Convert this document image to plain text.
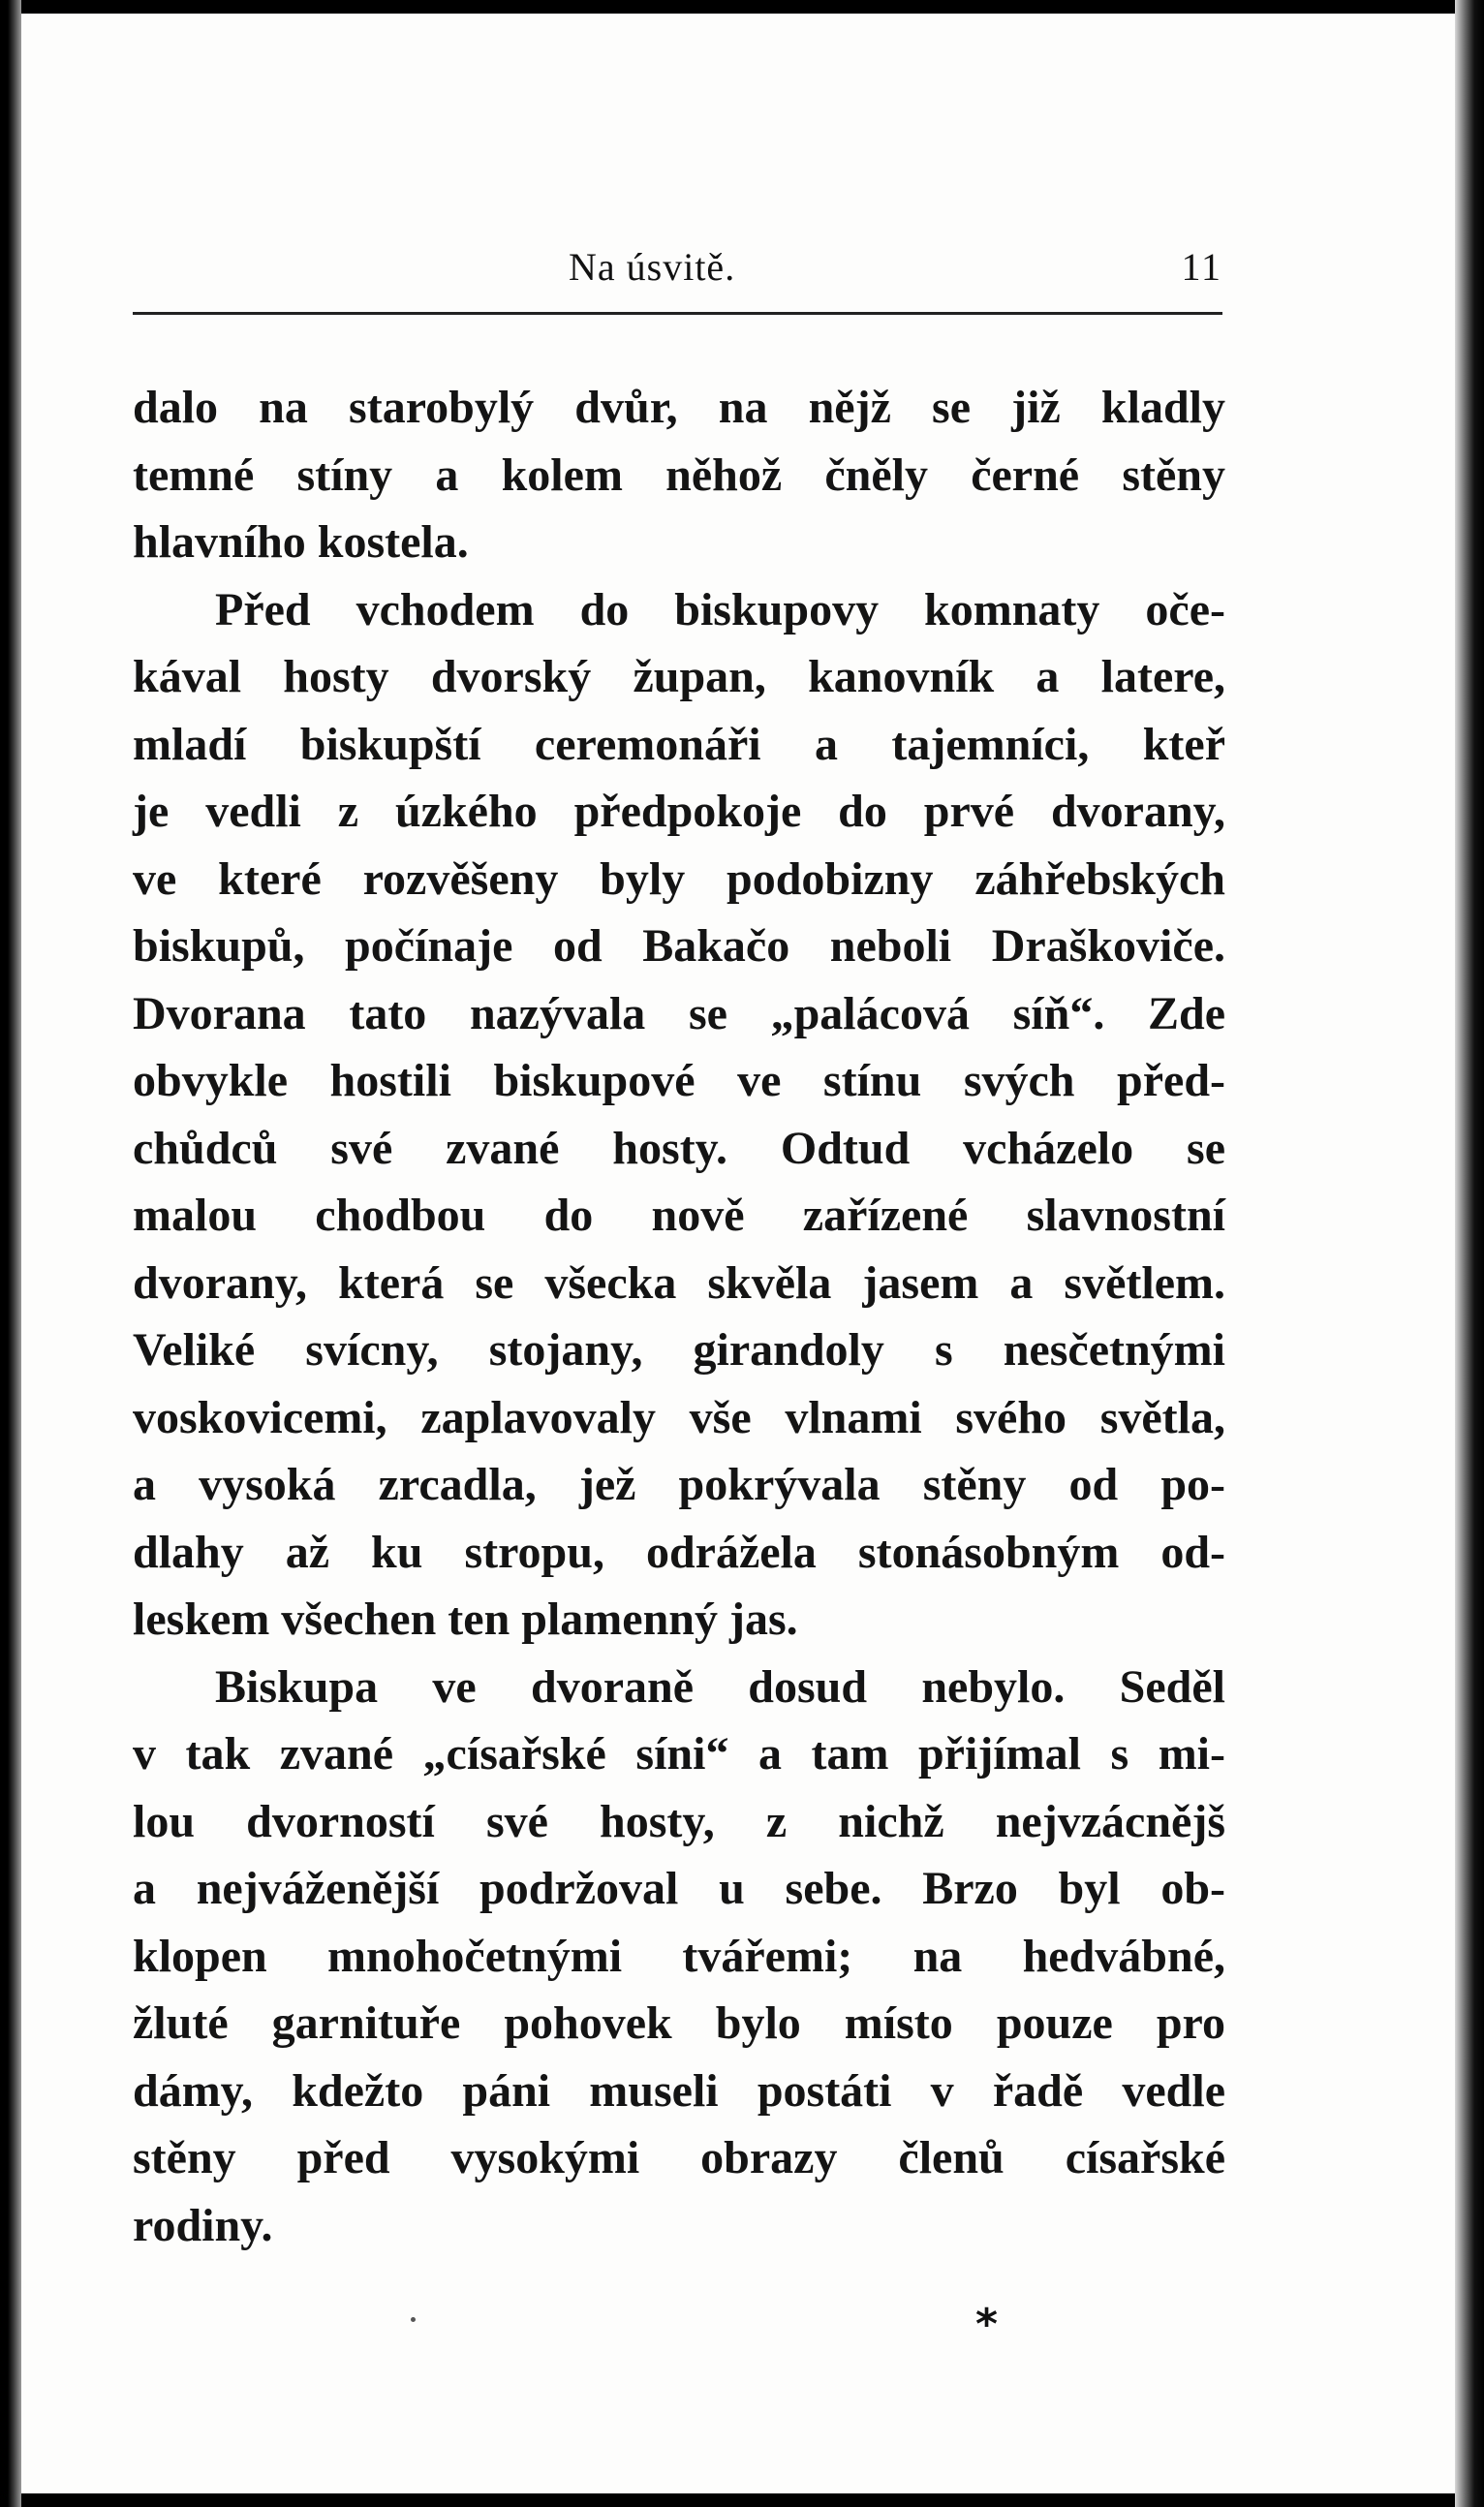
Na úsvitě.	11
dalo na starobylý dvůr, na nějž se již kladly
temné stíny a kolem něhož čněly černé stěny
hlavního kostela.
Před vchodem do biskupovy komnaty oče-
kával hosty dvorský župan, kanovník a latere,
mladí biskupští ceremonáři a tajemníci, kteř
je vedli z úzkého předpokoje do prvé dvorany,
ve které rozvěšeny byly podobizny záhřebských
biskupů, počínaje od Bakačo neboli Draškoviče.
Dvorana tato nazývala se „palácová síň“. Zde
obvykle hostili biskupové ve stínu svých před-
chůdců své zvané hosty. Odtud vcházelo se
malou chodbou do nově zařízené slavnostní
dvorany, která se všecka skvěla jasem a světlem.
Veliké svícny, stojany, girandoly s nesčetnými
voskovicemi, zaplavovaly vše vlnami svého světla,
a vysoká zrcadla, jež pokrývala stěny od po-
dlahy až ku stropu, odrážela stonásobným od-
leskem všechen ten plamenný jas.
Biskupa ve dvoraně dosud nebylo. Seděl
v tak zvané „císařské síni“ a tam přijímal s mi-
lou dvorností své hosty, z nichž nejvzácnějš
a nejváženější podržoval u sebe. Brzo byl ob-
klopen mnohočetnými tvářemi; na hedvábné,
žluté garnituře pohovek bylo místo pouze pro
dámy, kdežto páni museli postáti v řadě vedle
stěny před vysokými obrazy členů císařské
rodiny.
*
